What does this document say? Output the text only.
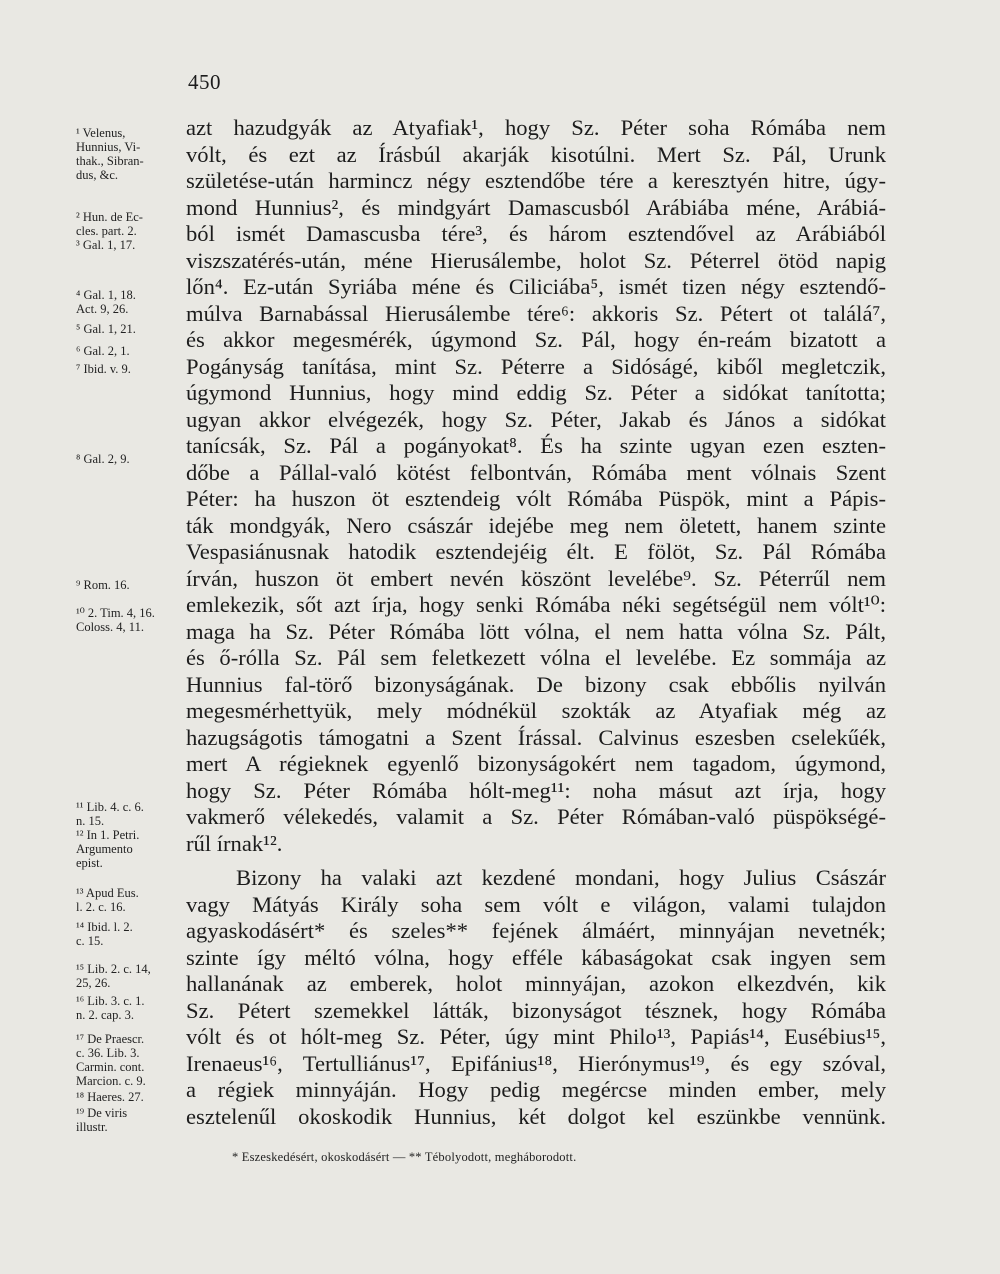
450
¹ Velenus,
Hunnius, Vi-
thak., Sibran-
dus, &c.
² Hun. de Ec-
cles. part. 2.
³ Gal. 1, 17.
⁴ Gal. 1, 18.
Act. 9, 26.
⁵ Gal. 1, 21.
⁶ Gal. 2, 1.
⁷ Ibid. v. 9.
⁸ Gal. 2, 9.
⁹ Rom. 16.
¹⁰ 2. Tim. 4, 16.
Coloss. 4, 11.
¹¹ Lib. 4. c. 6.
n. 15.
¹² In 1. Petri.
Argumento
epist.
¹³ Apud Eus.
l. 2. c. 16.
¹⁴ Ibid. l. 2.
c. 15.
¹⁵ Lib. 2. c. 14,
25, 26.
¹⁶ Lib. 3. c. 1.
n. 2. cap. 3.
¹⁷ De Praescr.
c. 36. Lib. 3.
Carmin. cont.
Marcion. c. 9.
¹⁸ Haeres. 27.
¹⁹ De viris
illustr.
azt hazudgyák az Atyafiak¹, hogy Sz. Péter soha Rómába nem
vólt, és ezt az Írásbúl akarják kisotúlni. Mert Sz. Pál, Urunk
születése-után harmincz négy esztendőbe tére a keresztyén hitre, úgy-
mond Hunnius², és mindgyárt Damascusból Arábiába méne, Arábiá-
ból ismét Damascusba tére³, és három esztendővel az Arábiából
viszszatérés-után, méne Hierusálembe, holot Sz. Péterrel ötöd napig
lőn⁴. Ez-után Syriába méne és Ciliciába⁵, ismét tizen négy esztendő-
múlva Barnabással Hierusálembe tére⁶: akkoris Sz. Pétert ot találá⁷,
és akkor megesmérék, úgymond Sz. Pál, hogy én-reám bizatott a
Pogányság tanítása, mint Sz. Péterre a Sidóságé, kiből megletczik,
úgymond Hunnius, hogy mind eddig Sz. Péter a sidókat tanította;
ugyan akkor elvégezék, hogy Sz. Péter, Jakab és János a sidókat
tanícsák, Sz. Pál a pogányokat⁸. És ha szinte ugyan ezen eszten-
dőbe a Pállal-való kötést felbontván, Rómába ment vólnais Szent
Péter: ha huszon öt esztendeig vólt Rómába Püspök, mint a Pápis-
ták mondgyák, Nero császár idejébe meg nem öletett, hanem szinte
Vespasiánusnak hatodik esztendejéig élt. E fölöt, Sz. Pál Rómába
írván, huszon öt embert nevén köszönt levelébe⁹. Sz. Péterrűl nem
emlekezik, sőt azt írja, hogy senki Rómába néki segétségül nem vólt¹⁰:
maga ha Sz. Péter Rómába lött vólna, el nem hatta vólna Sz. Pált,
és ő-rólla Sz. Pál sem feletkezett vólna el levelébe. Ez sommája az
Hunnius fal-törő bizonyságának. De bizony csak ebbőlis nyilván
megesmérhettyük, mely módnékül szokták az Atyafiak még az
hazugságotis támogatni a Szent Írással. Calvinus eszesben cselekűék,
mert A régieknek egyenlő bizonyságokért nem tagadom, úgymond,
hogy Sz. Péter Rómába hólt-meg¹¹: noha másut azt írja, hogy
vakmerő vélekedés, valamit a Sz. Péter Rómában-való püspökségé-
rűl írnak¹².
Bizony ha valaki azt kezdené mondani, hogy Julius Császár
vagy Mátyás Király soha sem vólt e világon, valami tulajdon
agyaskodásért* és szeles** fejének álmáért, minnyájan nevetnék;
szinte így méltó vólna, hogy efféle kábaságokat csak ingyen sem
hallanának az emberek, holot minnyájan, azokon elkezdvén, kik
Sz. Pétert szemekkel látták, bizonyságot tésznek, hogy Rómába
vólt és ot hólt-meg Sz. Péter, úgy mint Philo¹³, Papiás¹⁴, Eusébius¹⁵,
Irenaeus¹⁶, Tertulliánus¹⁷, Epifánius¹⁸, Hierónymus¹⁹, és egy szóval,
a régiek minnyáján. Hogy pedig megércse minden ember, mely
esztelenűl okoskodik Hunnius, két dolgot kel eszünkbe vennünk.
* Eszeskedésért, okoskodásért — ** Tébolyodott, megháborodott.
